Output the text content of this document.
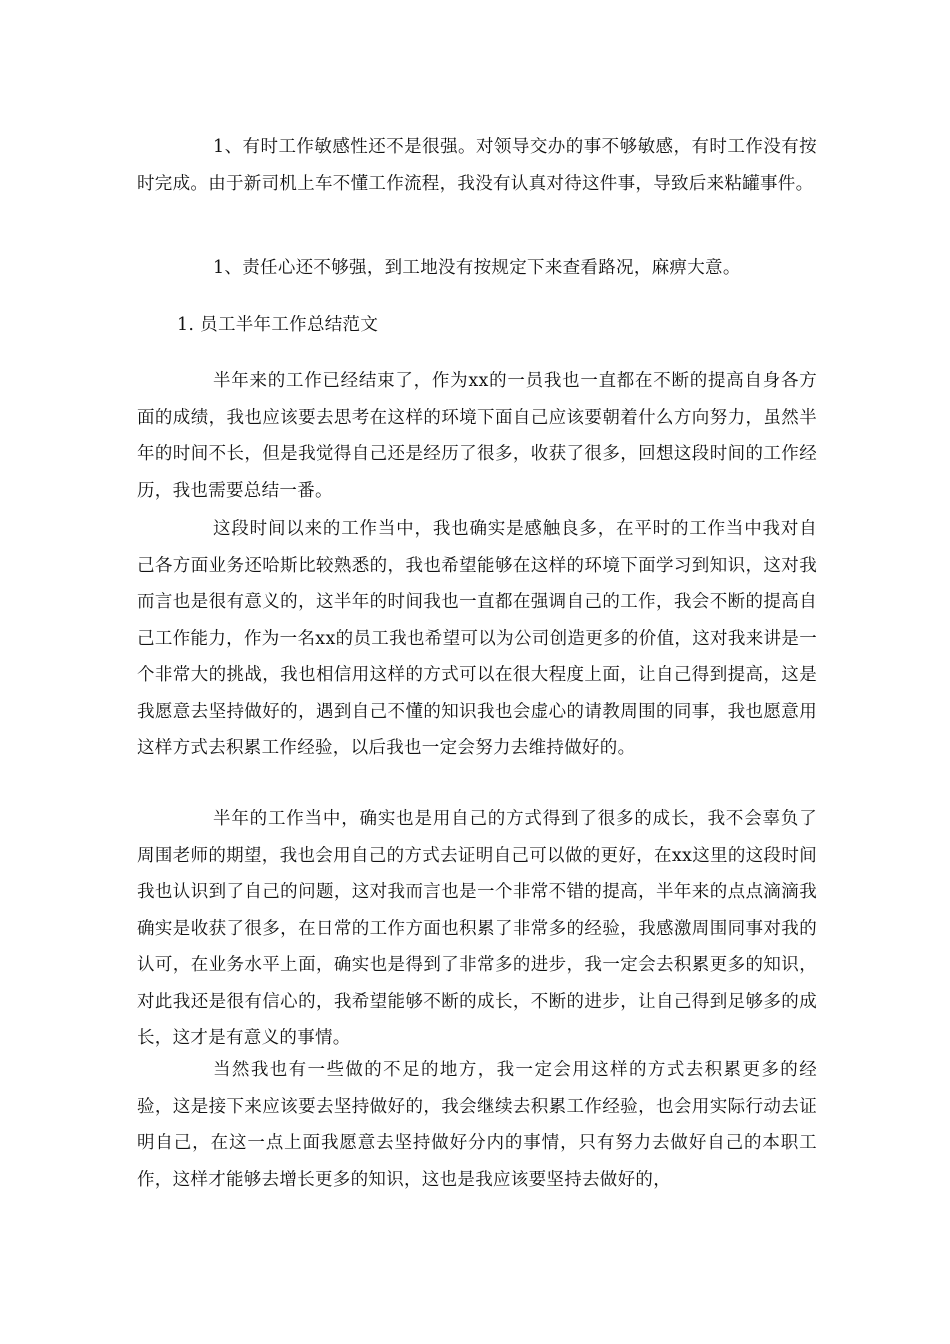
1、有时工作敏感性还不是很强。对领导交办的事不够敏感，有时工作没有按时完成。由于新司机上车不懂工作流程，我没有认真对待这件事，导致后来粘罐事件。

1、责任心还不够强，到工地没有按规定下来查看路况，麻痹大意。

1. 员工半年工作总结范文

半年来的工作已经结束了，作为xx的一员我也一直都在不断的提高自身各方面的成绩，我也应该要去思考在这样的环境下面自己应该要朝着什么方向努力，虽然半年的时间不长，但是我觉得自己还是经历了很多，收获了很多，回想这段时间的工作经历，我也需要总结一番。

这段时间以来的工作当中，我也确实是感触良多，在平时的工作当中我对自己各方面业务还哈斯比较熟悉的，我也希望能够在这样的环境下面学习到知识，这对我而言也是很有意义的，这半年的时间我也一直都在强调自己的工作，我会不断的提高自己工作能力，作为一名xx的员工我也希望可以为公司创造更多的价值，这对我来讲是一个非常大的挑战，我也相信用这样的方式可以在很大程度上面，让自己得到提高，这是我愿意去坚持做好的，遇到自己不懂的知识我也会虚心的请教周围的同事，我也愿意用这样方式去积累工作经验，以后我也一定会努力去维持做好的。

半年的工作当中，确实也是用自己的方式得到了很多的成长，我不会辜负了周围老师的期望，我也会用自己的方式去证明自己可以做的更好，在xx这里的这段时间我也认识到了自己的问题，这对我而言也是一个非常不错的提高，半年来的点点滴滴我确实是收获了很多，在日常的工作方面也积累了非常多的经验，我感激周围同事对我的认可，在业务水平上面，确实也是得到了非常多的进步，我一定会去积累更多的知识，对此我还是很有信心的，我希望能够不断的成长，不断的进步，让自己得到足够多的成长，这才是有意义的事情。

当然我也有一些做的不足的地方，我一定会用这样的方式去积累更多的经验，这是接下来应该要去坚持做好的，我会继续去积累工作经验，也会用实际行动去证明自己，在这一点上面我愿意去坚持做好分内的事情，只有努力去做好自己的本职工作，这样才能够去增长更多的知识，这也是我应该要坚持去做好的，
